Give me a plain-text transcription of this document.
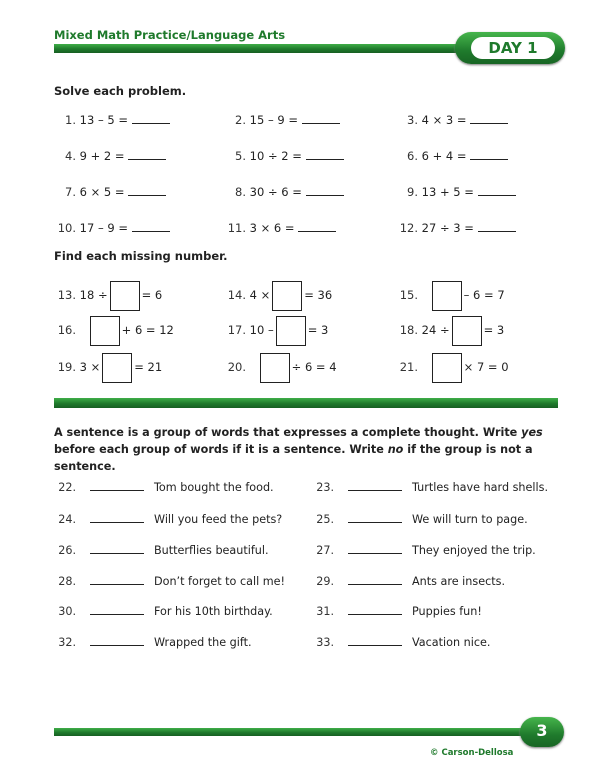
Mixed Math Practice/Language Arts
DAY 1
Solve each problem.
1. 13 – 5 =	2. 15 – 9 =	3. 4 × 3 =
4. 9 + 2 =	5. 10 ÷ 2 =	6. 6 + 4 =
7. 6 × 5 =	8. 30 ÷ 6 =	9. 13 + 5 =
10. 17 – 9 =	11. 3 × 6 =	12. 27 ÷ 3 =
Find each missing number.
13. 18 ÷	= 6	14. 4 ×	= 36	15.	– 6 = 7
16.	+ 6 = 12	17. 10 –	= 3	18. 24 ÷	= 3
19. 3 ×	= 21	20.	÷ 6 = 4	21.	× 7 = 0
A sentence is a group of words that expresses a complete thought. Write yes before each group of words if it is a sentence. Write no if the group is not a sentence.
22.	Tom bought the food.	23.	Turtles have hard shells.
24.	Will you feed the pets?	25.	We will turn to page.
26.	Butterflies beautiful.	27.	They enjoyed the trip.
28.	Don’t forget to call me!	29.	Ants are insects.
30.	For his 10th birthday.	31.	Puppies fun!
32.	Wrapped the gift.	33.	Vacation nice.
3
© Carson-Dellosa
